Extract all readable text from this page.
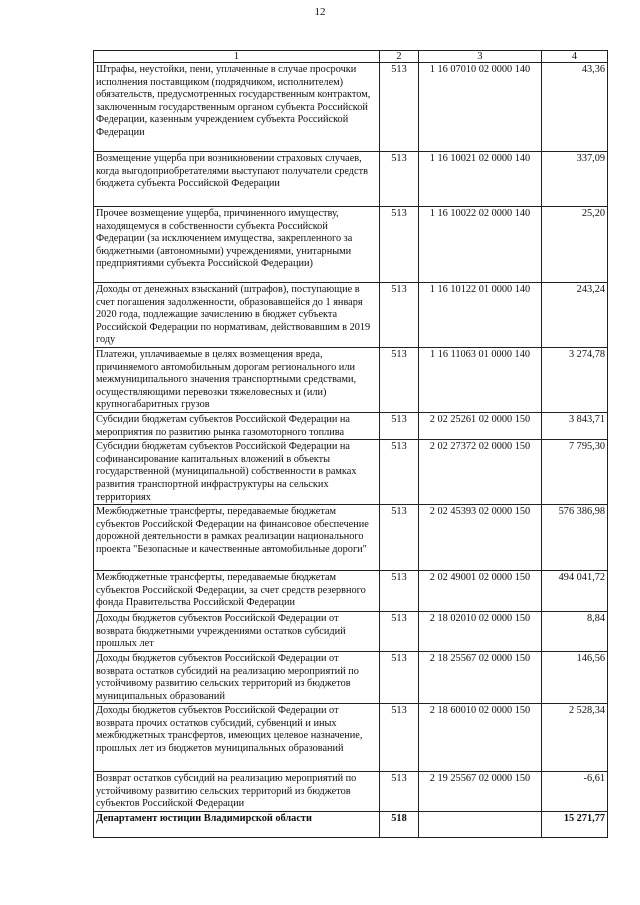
12
1	2	3	4
Штрафы, неустойки, пени, уплаченные в случае просрочки исполнения поставщиком (подрядчиком, исполнителем) обязательств, предусмотренных государственным контрактом, заключенным государственным органом субъекта Российской Федерации, казенным учреждением субъекта Российской Федерации	513	1 16 07010 02 0000 140	43,36
Возмещение ущерба при возникновении страховых случаев, когда выгодоприобретателями выступают получатели средств бюджета субъекта Российской Федерации	513	1 16 10021 02 0000 140	337,09
Прочее возмещение ущерба, причиненного имуществу, находящемуся в собственности субъекта Российской Федерации (за исключением имущества, закрепленного за бюджетными (автономными) учреждениями, унитарными предприятиями субъекта Российской Федерации)	513	1 16 10022 02 0000 140	25,20
Доходы от денежных взысканий (штрафов), поступающие в счет погашения задолженности, образовавшейся до 1 января 2020 года, подлежащие зачислению в бюджет субъекта Российской Федерации по нормативам, действовавшим в 2019 году	513	1 16 10122 01 0000 140	243,24
Платежи, уплачиваемые в целях возмещения вреда, причиняемого автомобильным дорогам регионального или межмуниципального значения транспортными средствами, осуществляющими перевозки тяжеловесных и (или) крупногабаритных грузов	513	1 16 11063 01 0000 140	3 274,78
Субсидии бюджетам субъектов Российской Федерации на мероприятия по развитию рынка газомоторного топлива	513	2 02 25261 02 0000 150	3 843,71
Субсидии бюджетам субъектов Российской Федерации на софинансирование капитальных вложений в объекты государственной (муниципальной) собственности в рамках развития транспортной инфраструктуры на сельских территориях	513	2 02 27372 02 0000 150	7 795,30
Межбюджетные трансферты, передаваемые бюджетам субъектов Российской Федерации на финансовое обеспечение дорожной деятельности в рамках реализации национального проекта "Безопасные и качественные автомобильные дороги"	513	2 02 45393 02 0000 150	576 386,98
Межбюджетные трансферты, передаваемые бюджетам субъектов Российской Федерации, за счет средств резервного фонда Правительства Российской Федерации	513	2 02 49001 02 0000 150	494 041,72
Доходы бюджетов субъектов Российской Федерации от возврата бюджетными учреждениями остатков субсидий прошлых лет	513	2 18 02010 02 0000 150	8,84
Доходы бюджетов субъектов Российской Федерации от возврата остатков субсидий на реализацию мероприятий по устойчивому развитию сельских территорий из бюджетов муниципальных образований	513	2 18 25567 02 0000 150	146,56
Доходы бюджетов субъектов Российской Федерации от возврата прочих остатков субсидий, субвенций и иных межбюджетных трансфертов, имеющих целевое назначение, прошлых лет из бюджетов муниципальных образований	513	2 18 60010 02 0000 150	2 528,34
Возврат остатков субсидий на реализацию мероприятий по устойчивому развитию сельских территорий из бюджетов субъектов Российской Федерации	513	2 19 25567 02 0000 150	-6,61
Департамент юстиции Владимирской области	518		15 271,77
